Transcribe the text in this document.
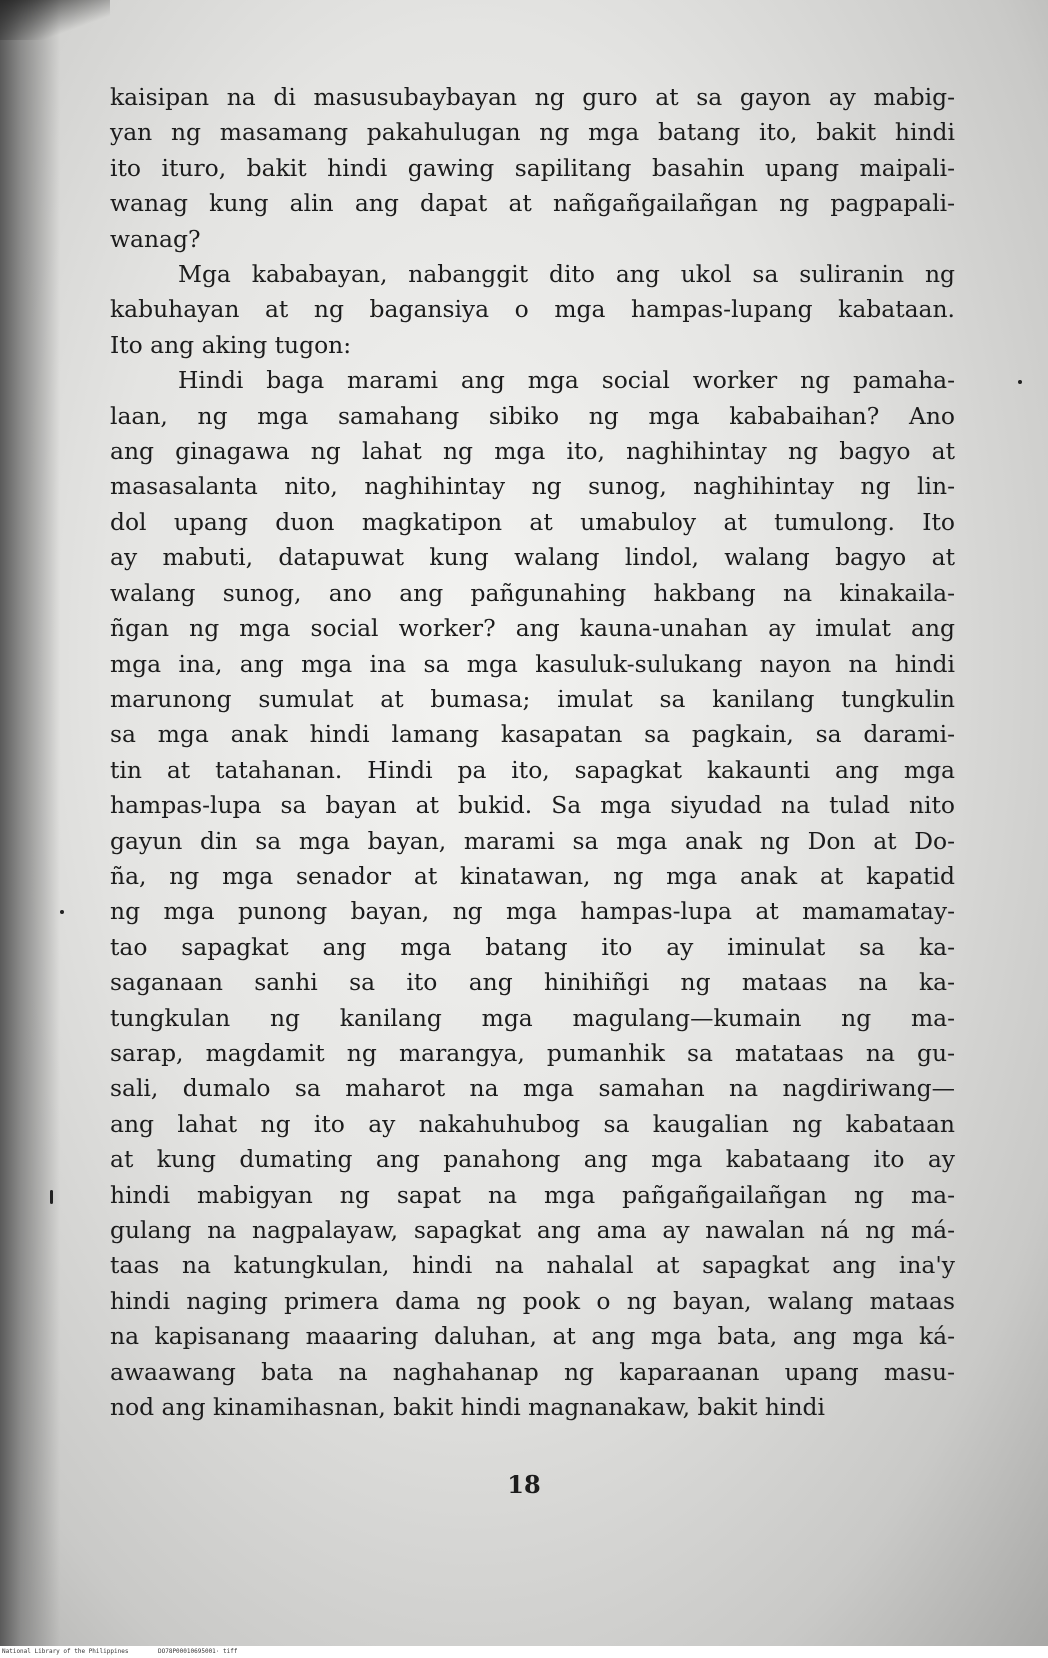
kaisipan na di masusubaybayan ng guro at sa gayon ay mabig-
yan ng masamang pakahulugan ng mga batang ito, bakit hindi
ito ituro, bakit hindi gawing sapilitang basahin upang maipali-
wanag kung alin ang dapat at nañgañgailañgan ng pagpapali-
wanag?
Mga kababayan, nabanggit dito ang ukol sa suliranin ng
kabuhayan at ng bagansiya o mga hampas-lupang kabataan.
Ito ang aking tugon:
Hindi baga marami ang mga social worker ng pamaha-
laan, ng mga samahang sibiko ng mga kababaihan? Ano
ang ginagawa ng lahat ng mga ito, naghihintay ng bagyo at
masasalanta nito, naghihintay ng sunog, naghihintay ng lin-
dol upang duon magkatipon at umabuloy at tumulong. Ito
ay mabuti, datapuwat kung walang lindol, walang bagyo at
walang sunog, ano ang pañgunahing hakbang na kinakaila-
ñgan ng mga social worker? ang kauna-unahan ay imulat ang
mga ina, ang mga ina sa mga kasuluk-sulukang nayon na hindi
marunong sumulat at bumasa; imulat sa kanilang tungkulin
sa mga anak hindi lamang kasapatan sa pagkain, sa darami-
tin at tatahanan. Hindi pa ito, sapagkat kakaunti ang mga
hampas-lupa sa bayan at bukid. Sa mga siyudad na tulad nito
gayun din sa mga bayan, marami sa mga anak ng Don at Do-
ña, ng mga senador at kinatawan, ng mga anak at kapatid
ng mga punong bayan, ng mga hampas-lupa at mamamatay-
tao sapagkat ang mga batang ito ay iminulat sa ka-
saganaan sanhi sa ito ang hinihiñgi ng mataas na ka-
tungkulan ng kanilang mga magulang—kumain ng ma-
sarap, magdamit ng marangya, pumanhik sa matataas na gu-
sali, dumalo sa maharot na mga samahan na nagdiriwang—
ang lahat ng ito ay nakahuhubog sa kaugalian ng kabataan
at kung dumating ang panahong ang mga kabataang ito ay
hindi mabigyan ng sapat na mga pañgañgailañgan ng ma-
gulang na nagpalayaw, sapagkat ang ama ay nawalan ná ng má-
taas na katungkulan, hindi na nahalal at sapagkat ang ina'y
hindi naging primera dama ng pook o ng bayan, walang mataas
na kapisanang maaaring daluhan, at ang mga bata, ang mga ká-
awaawang bata na naghahanap ng kaparaanan upang masu-
nod ang kinamihasnan, bakit hindi magnanakaw, bakit hindi
18
National Library of the Philippines	DO78P00010695001· tiff
